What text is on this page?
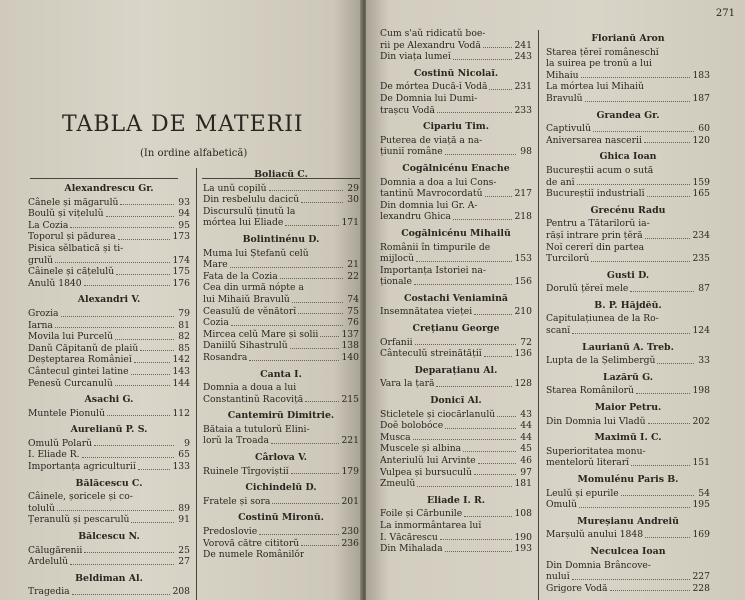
TABLA DE MATERII
(In ordine alfabetică)
Alexandrescu Gr.
Cânele și măgarulŭ	93
Boulŭ și vițelulŭ	94
La Cozia	95
Toporul și pădurea	173
Pisica sĕlbatică și ti-
grulŭ	174
Câinele și cățelulŭ	175
Anulŭ 1840	176
Alexandri V.
Grozia	79
Iarna	81
Movila lui Purcelŭ	82
Danŭ Căpitanŭ de plaiŭ	85
Deșteptarea Românieĭ	142
Cântecul gintei latine	143
Penesŭ Curcanulŭ	144
Asachi G.
Muntele Pionulŭ	112
Aurelianŭ P. S.
Omulŭ Polarŭ	9
I. Eliade R.	65
Importanța agriculturiĭ	133
Bălăcescu C.
Câinele, șoricele și co-
tolulŭ	89
Țeranulŭ și pescarulŭ	91
Bălcescu N.
Călugărenii	25
Ardelulŭ	27
Beldiman Al.
Tragedia	208
Boliacŭ C.
La unŭ copilŭ	29
Din resbelulu dacicŭ	30
Discursulŭ ținutŭ la
mórtea lui Eliade	171
Bolintinénu D.
Muma lui Ștefanŭ celŭ
Mare	21
Fata de la Cozia	22
Cea din urmă nópte a
lui Mihaiŭ Bravulŭ	74
Ceasulŭ de vĕnătorĭ	75
Cozia	76
Mircea celŭ Mare și solii	137
Daniilŭ Sihastrulŭ	138
Rosandra	140
Canta I.
Domnia a doua a lui
Constantinŭ Racoviță	215
Cantemirŭ Dimitrie.
Bătaia a tutulorŭ Elini-
lorŭ la Troada	221
Cârlova V.
Ruinele Tîrgoviștiĭ	179
Cichindelŭ D.
Fratele și sora	201
Costinŭ Mironŭ.
Predoslovie	230
Vorovă către cititorŭ	236
De numele Românilŏr
271
Cum s'aŭ ridicatŭ boe-
rii pe Alexandru Vodă	241
Din viața lumeĭ	243
Costinŭ Nicolaĭ.
De mórtea Ducă-ĭ Vodă	231
De Domnia lui Dumi-
trașcu Vodă	233
Cipariu Tim.
Puterea de viață a na-
țiuniĭ române	98
Cogălnicénu Enache
Domnia a doa a lui Cons-
tantinŭ Mavrocordatŭ	217
Din domnia lui Gr. A-
lexandru Ghica	218
Cogălnicénu Mihailŭ
Românii în timpurile de
mijlocŭ	153
Importanța Istoriei na-
ționale	156
Costachi Veniamină
Insemnătatea vieței	210
Crețianu George
Orfanii	72
Cânteculŭ streinătățiĭ	136
Deparațianu Al.
Vara la țară	128
Donicĭ Al.
Sticletele și ciocărlanulŭ	43
Doĕ bolobóce	44
Musca	44
Muscele și albina	45
Anteriulŭ lui Arvinte	46
Vulpea și bursuculŭ	97
Zmeulŭ	181
Eliade I. R.
Foile și Cărbunile	108
La inmormântarea luĭ
I. Văcărescu	190
Din Mihalada	193
Florianŭ Aron
Starea țĕreĭ româneschĭ
la suirea pe tronŭ a lui
Mihaiu	183
La mórtea lui Mihaiŭ
Bravulŭ	187
Grandea Gr.
Captivulŭ	60
Aniversarea nascerii	120
Ghica Ioan
Bucureștii acum o sută
de anĭ	159
Bucureștiĭ industrialĭ	165
Grecénu Radu
Pentru a Tătarilorŭ ia-
rășĭ intrare prin țĕră	234
Noĭ cererĭ din partea
Turcilorŭ	235
Gusti D.
Dorulŭ țĕreĭ mele	87
B. P. Hăjdĕŭ.
Capitulațiunea de la Ro-
scanĭ	124
Laurianŭ A. Treb.
Lupta de la Șelimbergŭ	33
Lazărŭ G.
Starea Românilorŭ	198
Maior Petru.
Din Domnia lui Vladŭ	202
Maximŭ I. C.
Superioritatea monu-
mentelorŭ literarĭ	151
Momulénu Paris B.
Leulŭ și epurile	54
Omulŭ	195
Mureșianu Andreiŭ
Marșulŭ anului 1848	169
Neculcea Ioan
Din Domnia Brâncove-
nuluĭ	227
Grigore Vodă	228
